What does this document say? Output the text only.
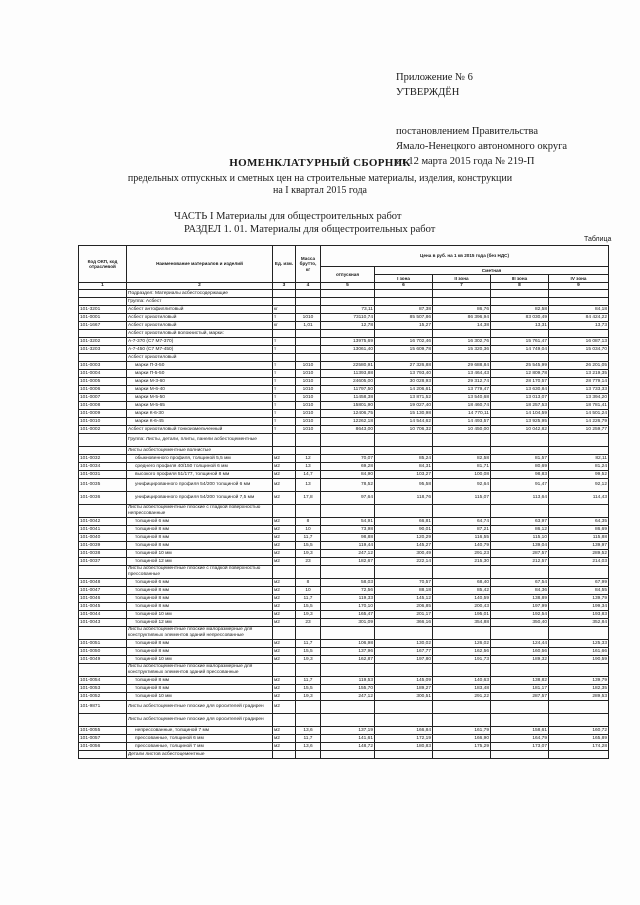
Приложение № 6
УТВЕРЖДЁН
постановлением Правительства
Ямало-Ненецкого автономного округа
от 12 марта 2015 года № 219-П
НОМЕНКЛАТУРНЫЙ СБОРНИК
предельных отпускных и сметных цен на строительные материалы, изделия, конструкции
на I квартал 2015 года
ЧАСТЬ I Материалы для общестроительных работ
РАЗДЕЛ 1. 01. Материалы для общестроительных работ
Таблица
Код ОКП, код отраслевой	Наименование материалов и изделий	Ед. изм.	Масса брутто, кг	Цена в руб. на 1 кв 2015 года (без НДС)				
				отпускная	Сметная			
					I зона	II зона	III зона	IV зона
1	2	3	4	5	6	7	8	9
	Подраздел: Материалы асбестосодержащие							
	Группа: Асбест							
101-3201	Асбест антофиллитовый	кг		73,11	87,38	86,76	82,58	84,18
101-0001	Асбест хризотиловый	т	1010	73110,74	85 507,86	86 396,94	83 030,49	84 424,22
101-1667	Асбест хризотиловый	кг	1,01	12,78	15,27	14,38	13,31	13,73
	Асбест хризотиловый волокнистый, марки:							
101-3202	А-7-370 (С7 М7-370)	т		13975,69	16 702,46	16 302,76	15 761,47	16 087,13
101-3203	А-7-450 (С7 М7-450)	т		13061,40	15 609,78	15 320,36	14 749,04	15 034,70
	Асбест хризотиловый							
101-0003	марки П-3-50	т	1010	22580,91	27 326,88	29 688,84	25 545,99	26 201,05
101-0004	марки П-5-50	т	1010	11393,88	13 793,40	13 464,43	12 809,78	13 219,35
101-0005	марки М-3-60	т	1010	24605,00	30 028,93	29 312,74	28 170,57	28 779,14
101-0006	марки М-6-40	т	1010	11797,50	14 206,61	13 779,47	13 630,84	13 733,33
101-0007	марки М-5-50	т	1010	11458,38	13 871,52	13 540,68	13 013,07	13 394,20
101-0008	марки М-5-65	т	1010	15801,90	19 027,40	18 460,74	18 257,53	18 781,41
101-0009	марки К-6-30	т	1010	12406,75	15 130,98	14 770,11	14 104,59	14 501,24
101-0010	марки К-6-45	т	1010	12262,18	14 544,62	14 493,57	13 925,95	14 226,79
101-0002	Асбест хризотиловый тонкоизмельченный	т	1010	8643,00	10 706,32	10 450,00	10 042,82	10 259,77
	Группа: Листы, детали, плиты, панели асбестоцементные							
	Листы асбестоцементные волнистые							
101-0032	обыкновенного профиля, толщиной 5,5 мм	м2	12	70,07	85,24	82,58	81,57	82,11
101-0034	среднего профиля 40/150 толщиной 6 мм	м2	13	69,28	84,31	81,71	80,69	81,24
101-0031	высокого профиля 51/177, толщиной 8 мм	м2	14,7	84,90	103,27	100,08	98,83	99,52
101-0035	унифицированного профиля 54/200 толщиной 6 мм	м2	13	78,52	95,58	92,64	91,47	92,12
101-0036	унифицированного профиля 54/200 толщиной 7,5 мм	м2	17,8	97,64	118,76	115,07	113,64	114,43
	Листы асбестоцементные плоские с гладкой поверхностью непрессованные							
101-0042	толщиной 6 мм	м2	8	54,91	66,81	64,74	63,97	64,35
101-0041	толщиной 8 мм	м2	10	73,98	90,01	87,21	86,12	86,69
101-0040	толщиной 8 мм	м2	11,7	98,88	120,29	116,55	115,10	115,88
101-0039	толщиной 8 мм	м2	15,5	119,44	145,27	140,79	139,04	139,97
101-0038	толщиной 10 мм	м2	19,3	247,12	300,49	291,23	287,57	289,52
101-0037	толщиной 12 мм	м2	23	182,67	222,14	215,30	212,57	214,03
	Листы асбестоцементные плоские с гладкой поверхностью прессованные							
101-0048	толщиной 6 мм	м2	8	58,03	70,57	68,40	67,54	67,99
101-0047	толщиной 8 мм	м2	10	72,56	88,18	85,42	84,36	84,55
101-0046	толщиной 8 мм	м2	11,7	119,33	145,12	140,59	138,89	139,79
101-0045	толщиной 8 мм	м2	15,5	170,10	206,85	200,43	197,99	199,34
101-0044	толщиной 10 мм	м2	19,3	165,47	201,17	195,01	192,54	193,83
101-0043	толщиной 12 мм	м2	23	301,09	366,16	354,88	350,40	352,84
	Листы асбестоцементные плоские малоразмерные для конструктивных элементов зданий непрессованные							
101-0051	толщиной 8 мм	м2	11,7	106,98	130,02	126,02	124,44	125,33
101-0050	толщиной 8 мм	м2	15,5	137,96	167,77	162,56	160,56	161,66
101-0049	толщиной 10 мм	м2	19,3	162,87	197,80	191,73	189,32	190,59
	Листы асбестоцементные плоские малоразмерные для конструктивных элементов зданий прессованные							
101-0054	толщиной 8 мм	м2	11,7	119,53	145,09	140,63	138,82	139,79
101-0053	толщиной 8 мм	м2	15,5	155,70	189,27	183,48	181,17	182,35
101-0052	толщиной 10 мм	м2	19,3	247,12	300,51	291,22	287,57	289,53
101-9871	Листы асбестоцементные плоские для оросителей градирен	м2						
	Листы асбестоцементные плоские для оросителей градирен							
101-0055	непрессованные, толщиной 7 мм	м2	13,6	137,19	166,84	161,79	158,61	160,72
101-0057	прессованные, толщиной 6 мм	м2	11,7	141,61	172,19	166,90	164,79	165,89
101-0056	прессованные, толщиной 7 мм	м2	13,6	148,72	180,83	175,29	173,07	174,28
	Детали листов асбестоцементные							
